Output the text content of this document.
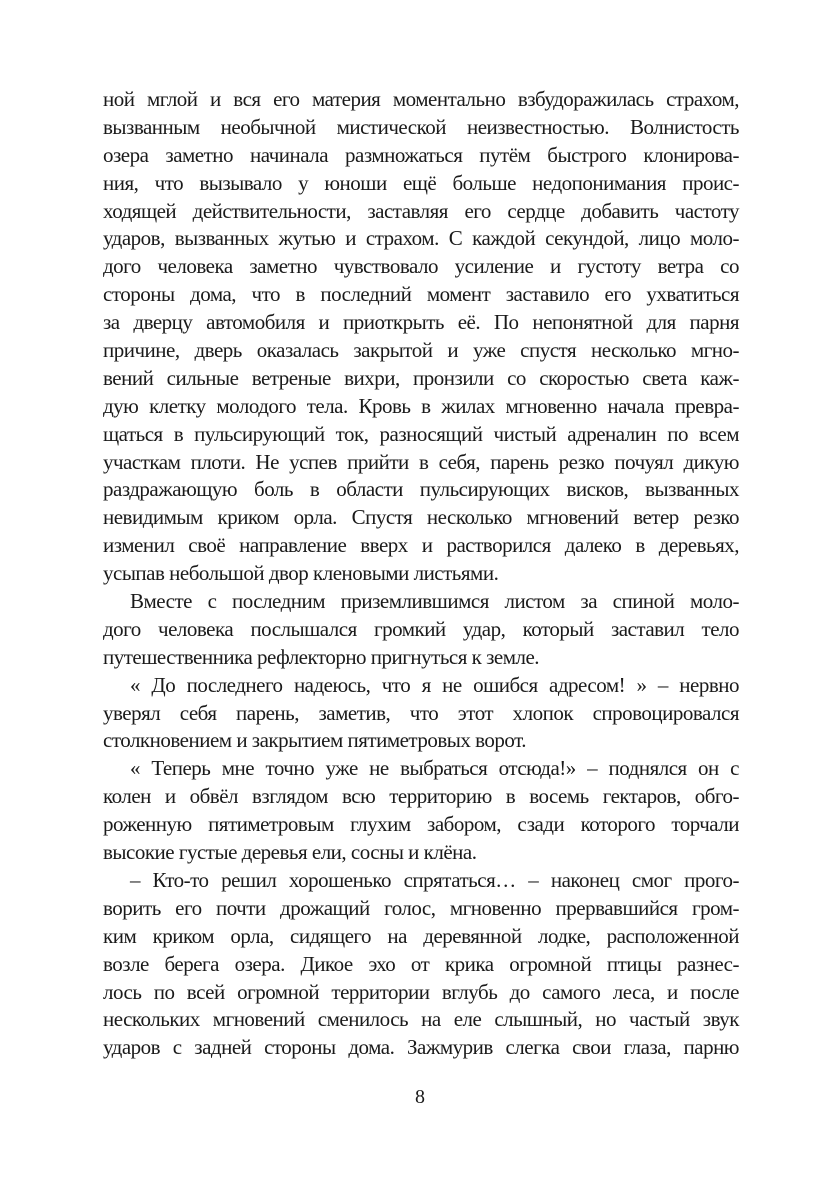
ной мглой и вся его материя моментально взбудоражилась страхом,
вызванным необычной мистической неизвестностью. Волнистость
озера заметно начинала размножаться путём быстрого клонирова-
ния, что вызывало у юноши ещё больше недопонимания проис-
ходящей действительности, заставляя его сердце добавить частоту
ударов, вызванных жутью и страхом. С каждой секундой, лицо моло-
дого человека заметно чувствовало усиление и густоту ветра со
стороны дома, что в последний момент заставило его ухватиться
за дверцу автомобиля и приоткрыть её. По непонятной для парня
причине, дверь оказалась закрытой и уже спустя несколько мгно-
вений сильные ветреные вихри, пронзили со скоростью света каж-
дую клетку молодого тела. Кровь в жилах мгновенно начала превра-
щаться в пульсирующий ток, разносящий чистый адреналин по всем
участкам плоти. Не успев прийти в себя, парень резко почуял дикую
раздражающую боль в области пульсирующих висков, вызванных
невидимым криком орла. Спустя несколько мгновений ветер резко
изменил своё направление вверх и растворился далеко в деревьях,
усыпав небольшой двор кленовыми листьями.
Вместе с последним приземлившимся листом за спиной моло-
дого человека послышался громкий удар, который заставил тело
путешественника рефлекторно пригнуться к земле.
« До последнего надеюсь, что я не ошибся адресом! » – нервно
уверял себя парень, заметив, что этот хлопок спровоцировался
столкновением и закрытием пятиметровых ворот.
« Теперь мне точно уже не выбраться отсюда!» – поднялся он с
колен и обвёл взглядом всю территорию в восемь гектаров, обго-
роженную пятиметровым глухим забором, сзади которого торчали
высокие густые деревья ели, сосны и клёна.
– Кто-то решил хорошенько спрятаться… – наконец смог прого-
ворить его почти дрожащий голос, мгновенно прервавшийся гром-
ким криком орла, сидящего на деревянной лодке, расположенной
возле берега озера. Дикое эхо от крика огромной птицы разнес-
лось по всей огромной территории вглубь до самого леса, и после
нескольких мгновений сменилось на еле слышный, но частый звук
ударов с задней стороны дома. Зажмурив слегка свои глаза, парню
8
